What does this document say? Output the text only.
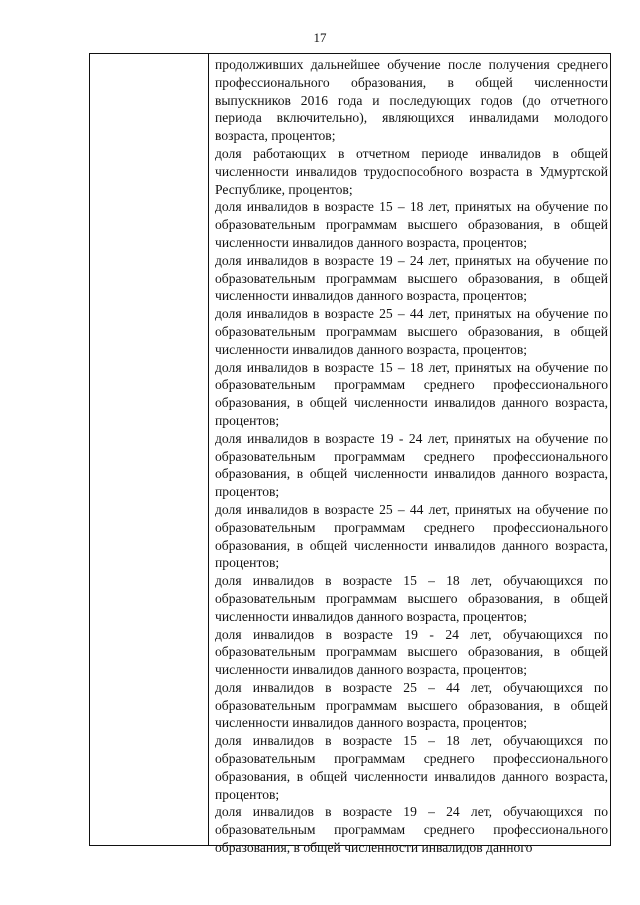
17

продолживших дальнейшее обучение после получения среднего профессионального образования, в общей численности выпускников 2016 года и последующих годов (до отчетного периода включительно), являющихся инвалидами молодого возраста, процентов;

доля работающих в отчетном периоде инвалидов в общей численности инвалидов трудоспособного возраста в Удмуртской Республике, процентов;

доля инвалидов в возрасте 15 – 18 лет, принятых на обучение по образовательным программам высшего образования, в общей численности инвалидов данного возраста, процентов;

доля инвалидов в возрасте 19 – 24 лет, принятых на обучение по образовательным программам высшего образования, в общей численности инвалидов данного возраста, процентов;

доля инвалидов в возрасте 25 – 44 лет, принятых на обучение по образовательным программам высшего образования, в общей численности инвалидов данного возраста, процентов;

доля инвалидов в возрасте 15 – 18 лет, принятых на обучение по образовательным программам среднего профессионального образования, в общей численности инвалидов данного возраста, процентов;

доля инвалидов в возрасте 19 - 24 лет, принятых на обучение по образовательным программам среднего профессионального образования, в общей численности инвалидов данного возраста, процентов;

доля инвалидов в возрасте 25 – 44 лет, принятых на обучение по образовательным программам среднего профессионального образования, в общей численности инвалидов данного возраста, процентов;

доля инвалидов в возрасте 15 – 18 лет, обучающихся по образовательным программам высшего образования, в общей численности инвалидов данного возраста, процентов;

доля инвалидов в возрасте 19 - 24 лет, обучающихся по образовательным программам высшего образования, в общей численности инвалидов данного возраста, процентов;

доля инвалидов в возрасте 25 – 44 лет, обучающихся по образовательным программам высшего образования, в общей численности инвалидов данного возраста, процентов;

доля инвалидов в возрасте 15 – 18 лет, обучающихся по образовательным программам среднего профессионального образования, в общей численности инвалидов данного возраста, процентов;

доля инвалидов в возрасте 19 – 24 лет, обучающихся по образовательным программам среднего профессионального образования, в общей численности инвалидов данного
